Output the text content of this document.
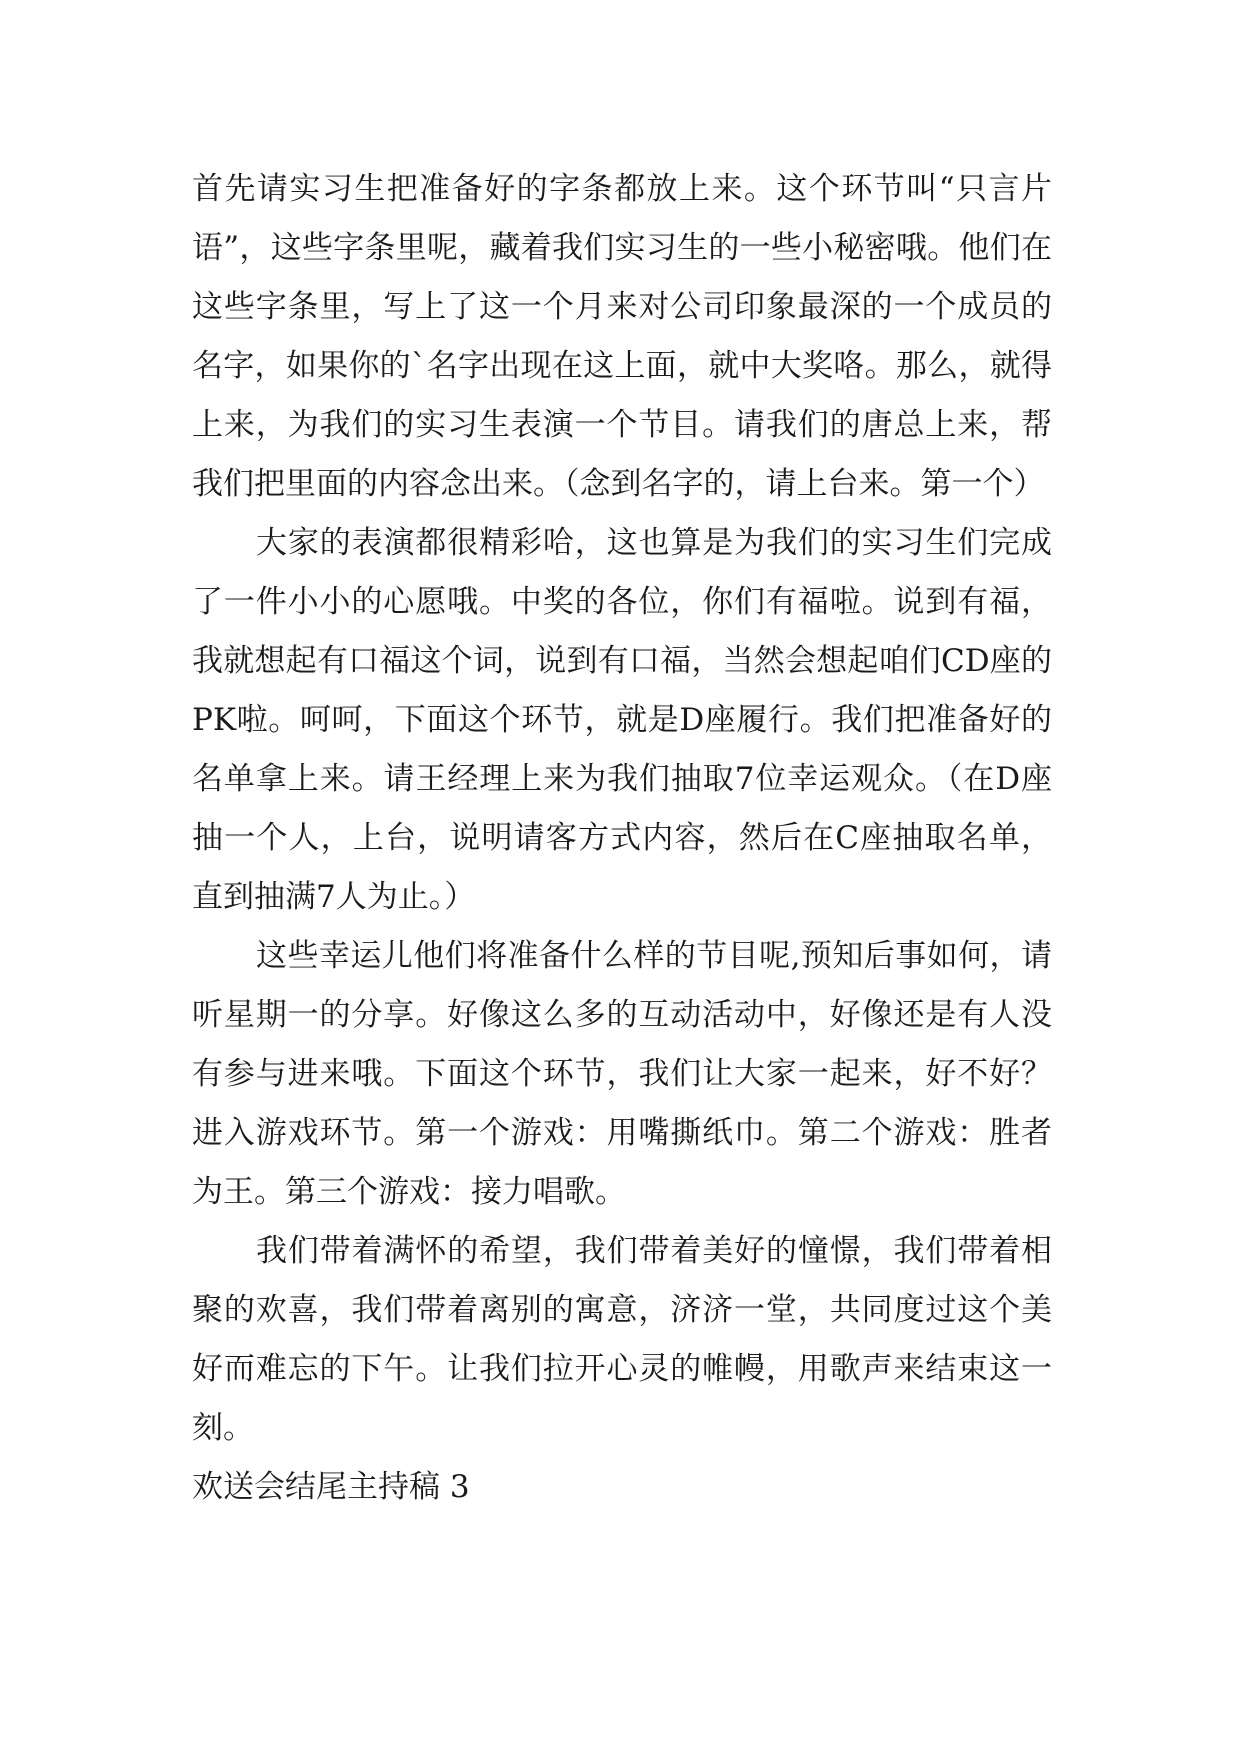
首先请实习生把准备好的字条都放上来。这个环节叫“只言片语”，这些字条里呢，藏着我们实习生的一些小秘密哦。他们在这些字条里，写上了这一个月来对公司印象最深的一个成员的名字，如果你的`名字出现在这上面，就中大奖咯。那么，就得上来，为我们的实习生表演一个节目。请我们的唐总上来，帮我们把里面的内容念出来。（念到名字的，请上台来。第一个）

大家的表演都很精彩哈，这也算是为我们的实习生们完成了一件小小的心愿哦。中奖的各位，你们有福啦。说到有福，我就想起有口福这个词，说到有口福，当然会想起咱们CD座的PK啦。呵呵，下面这个环节，就是D座履行。我们把准备好的名单拿上来。请王经理上来为我们抽取7位幸运观众。（在D座抽一个人，上台，说明请客方式内容，然后在C座抽取名单，直到抽满7人为止。）

这些幸运儿他们将准备什么样的节目呢,预知后事如何，请听星期一的分享。好像这么多的互动活动中，好像还是有人没有参与进来哦。下面这个环节，我们让大家一起来，好不好？进入游戏环节。第一个游戏：用嘴撕纸巾。第二个游戏：胜者为王。第三个游戏：接力唱歌。

我们带着满怀的希望，我们带着美好的憧憬，我们带着相聚的欢喜，我们带着离别的寓意，济济一堂，共同度过这个美好而难忘的下午。让我们拉开心灵的帷幔，用歌声来结束这一刻。

欢送会结尾主持稿 3
